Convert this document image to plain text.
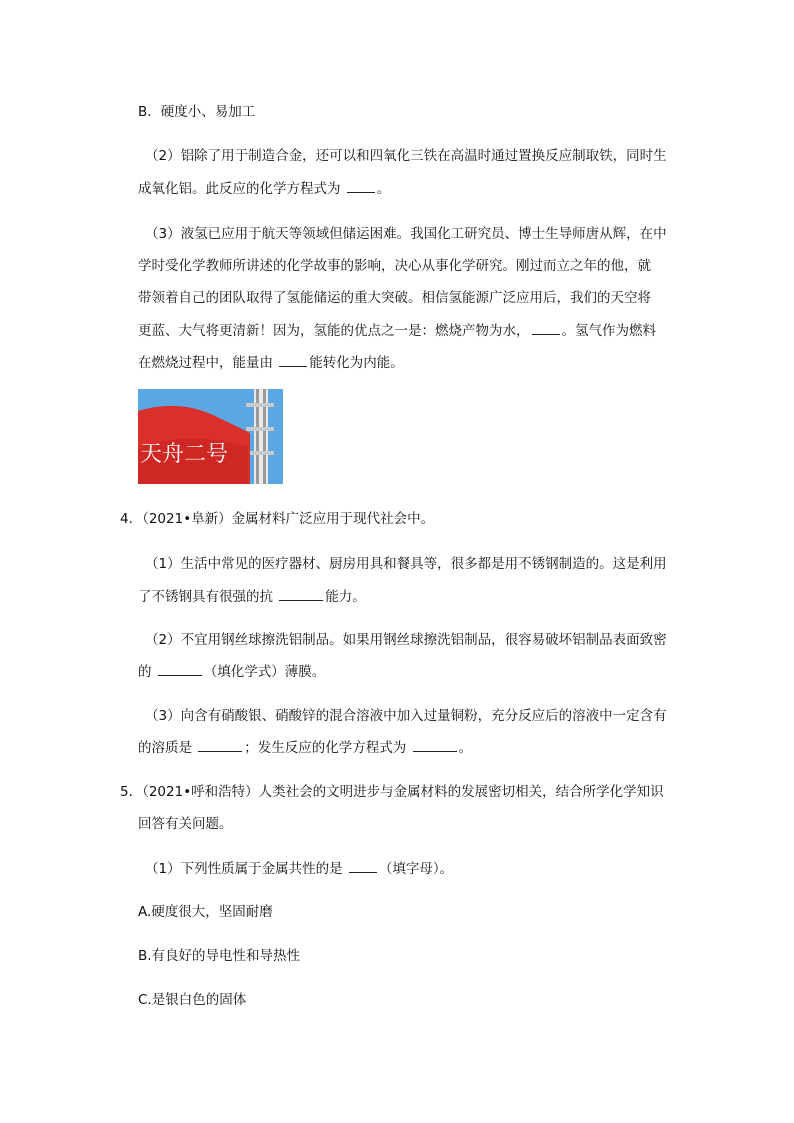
B．硬度小、易加工
（2）铝除了用于制造合金，还可以和四氧化三铁在高温时通过置换反应制取铁，同时生
成氧化铝。此反应的化学方程式为	。
（3）液氢已应用于航天等领域但储运困难。我国化工研究员、博士生导师唐从辉，在中
学时受化学教师所讲述的化学故事的影响，决心从事化学研究。刚过而立之年的他，就
带领着自己的团队取得了氢能储运的重大突破。相信氢能源广泛应用后，我们的天空将
更蓝、大气将更清新！因为，氢能的优点之一是：燃烧产物为水， 。氢气作为燃料
在燃烧过程中，能量由	能转化为内能。
天舟二号
4．（2021•阜新）金属材料广泛应用于现代社会中。
（1）生活中常见的医疗器材、厨房用具和餐具等，很多都是用不锈钢制造的。这是利用
了不锈钢具有很强的抗	能力。
（2）不宜用钢丝球擦洗铝制品。如果用钢丝球擦洗铝制品，很容易破坏铝制品表面致密
的	（填化学式）薄膜。
（3）向含有硝酸银、硝酸锌的混合溶液中加入过量铜粉，充分反应后的溶液中一定含有
的溶质是	；发生反应的化学方程式为	。
5．（2021•呼和浩特）人类社会的文明进步与金属材料的发展密切相关，结合所学化学知识
回答有关问题。
（1）下列性质属于金属共性的是	（填字母）。
A.硬度很大，坚固耐磨
B.有良好的导电性和导热性
C.是银白色的固体
